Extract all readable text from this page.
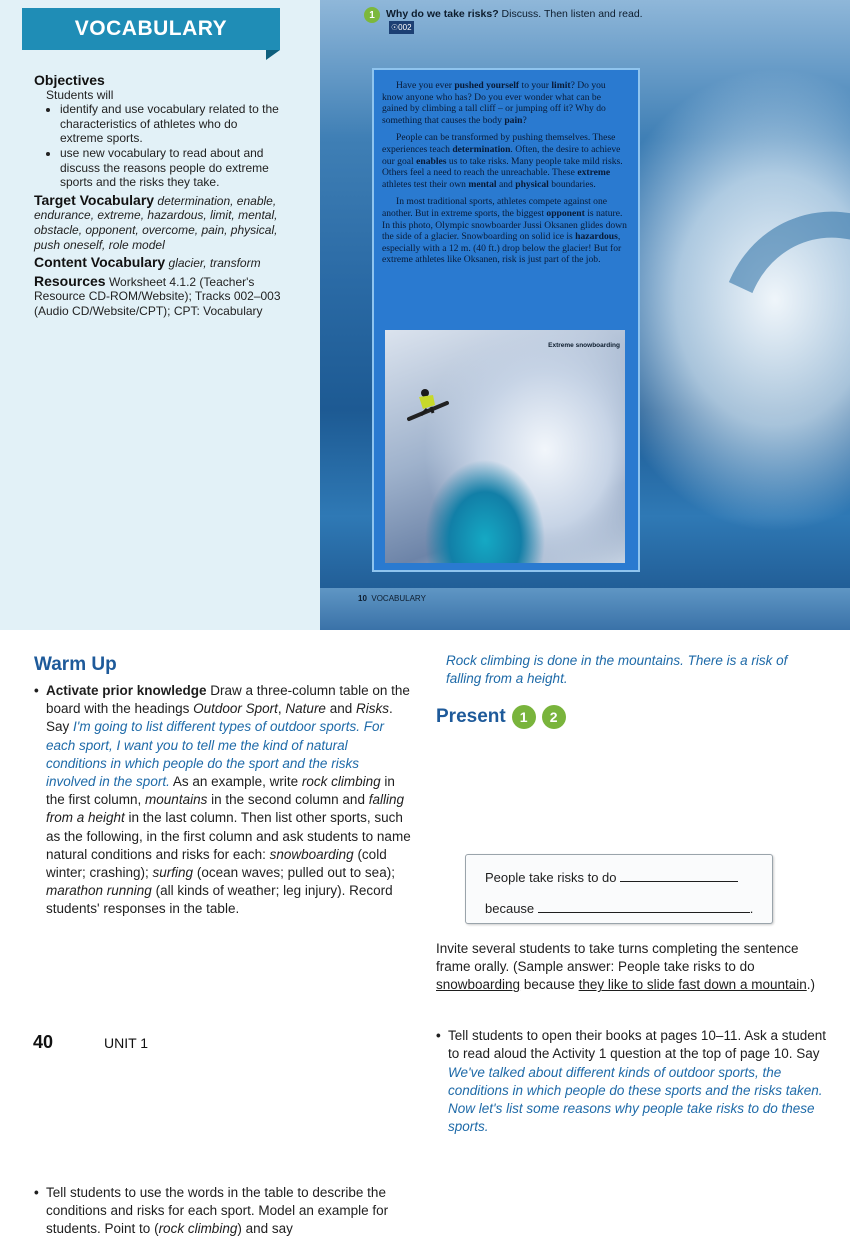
VOCABULARY
Objectives
Students will
• identify and use vocabulary related to the characteristics of athletes who do extreme sports.
• use new vocabulary to read about and discuss the reasons people do extreme sports and the risks they take.
Target Vocabulary determination, enable, endurance, extreme, hazardous, limit, mental, obstacle, opponent, overcome, pain, physical, push oneself, role model
Content Vocabulary glacier, transform
Resources Worksheet 4.1.2 (Teacher's Resource CD-ROM/Website); Tracks 002–003 (Audio CD/Website/CPT); CPT: Vocabulary
1	Why do we take risks? Discuss. Then listen and read.☉002

Have you ever pushed yourself to your limit? Do you know anyone who has? Do you ever wonder what can be gained by climbing a tall cliff – or jumping off it? Why do something that causes the body pain?

People can be transformed by pushing themselves. These experiences teach determination. Often, the desire to achieve our goal enables us to take risks. Many people take mild risks. Others feel a need to reach the unreachable. These extreme athletes test their own mental and physical boundaries.

In most traditional sports, athletes compete against one another. But in extreme sports, the biggest opponent is nature. In this photo, Olympic snowboarder Jussi Oksanen glides down the side of a glacier. Snowboarding on solid ice is hazardous, especially with a 12 m. (40 ft.) drop below the glacier! But for extreme athletes like Oksanen, risk is just part of the job.

Extreme snowboarding
10 VOCABULARY
Warm Up
• Activate prior knowledge Draw a three-column table on the board with the headings Outdoor Sport, Nature and Risks. Say I'm going to list different types of outdoor sports. For each sport, I want you to tell me the kind of natural conditions in which people do the sport and the risks involved in the sport. As an example, write rock climbing in the first column, mountains in the second column and falling from a height in the last column. Then list other sports, such as the following, in the first column and ask students to name natural conditions and risks for each: snowboarding (cold winter; crashing); surfing (ocean waves; pulled out to sea); marathon running (all kinds of weather; leg injury). Record students' responses in the table.
• Tell students to use the words in the table to describe the conditions and risks for each sport. Model an example for students. Point to (rock climbing) and say
Rock climbing is done in the mountains. There is a risk of falling from a height.
Present	1	2
• Tell students to open their books at pages 10–11. Ask a student to read aloud the Activity 1 question at the top of page 10. Say We've talked about different kinds of outdoor sports, the conditions in which people do these sports and the risks taken. Now let's list some reasons why people take risks to do these sports.
People take risks to do
because	.
Invite several students to take turns completing the sentence frame orally. (Sample answer: People take risks to do snowboarding because they like to slide fast down a mountain.)
40	UNIT 1
